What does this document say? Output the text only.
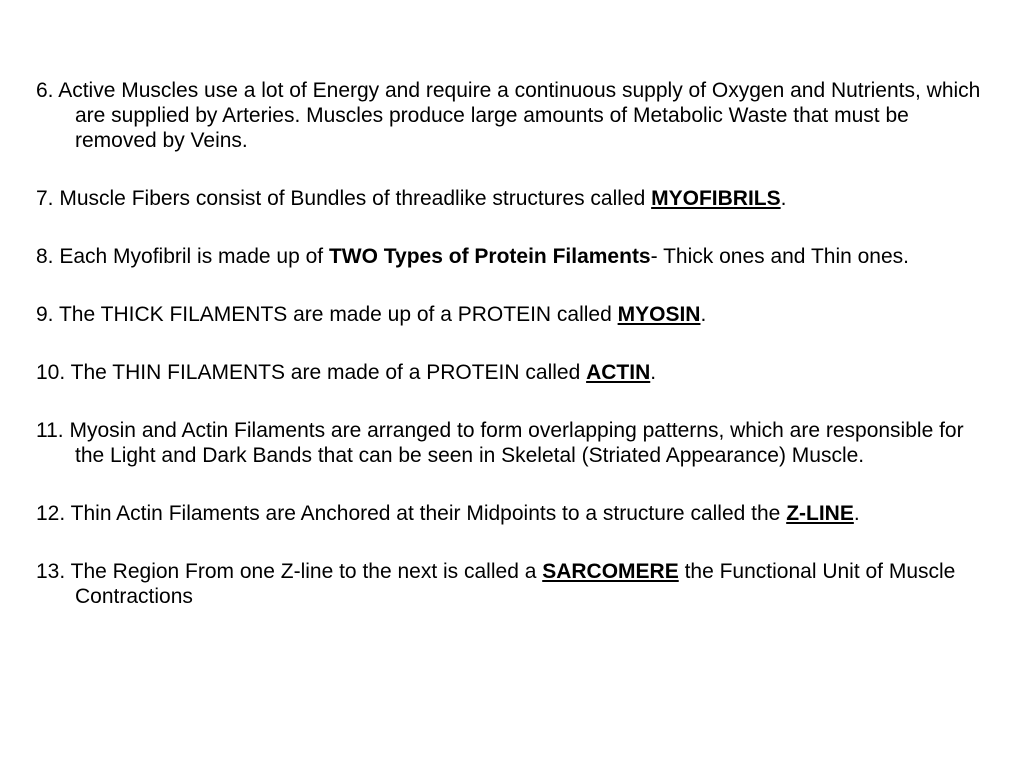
6. Active Muscles use a lot of Energy and require a continuous supply of Oxygen and Nutrients, which are supplied by Arteries. Muscles produce large amounts of Metabolic Waste that must be removed by Veins.

7. Muscle Fibers consist of Bundles of threadlike structures called MYOFIBRILS.

8. Each Myofibril is made up of TWO Types of Protein Filaments- Thick ones and Thin ones.

9. The THICK FILAMENTS are made up of a PROTEIN called MYOSIN.

10. The THIN FILAMENTS are made of a PROTEIN called ACTIN.

11. Myosin and Actin Filaments are arranged to form overlapping patterns, which are responsible for the Light and Dark Bands that can be seen in Skeletal (Striated Appearance) Muscle.

12. Thin Actin Filaments are Anchored at their Midpoints to a structure called the Z-LINE.

13. The Region From one Z-line to the next is called a SARCOMERE the Functional Unit of Muscle Contractions
